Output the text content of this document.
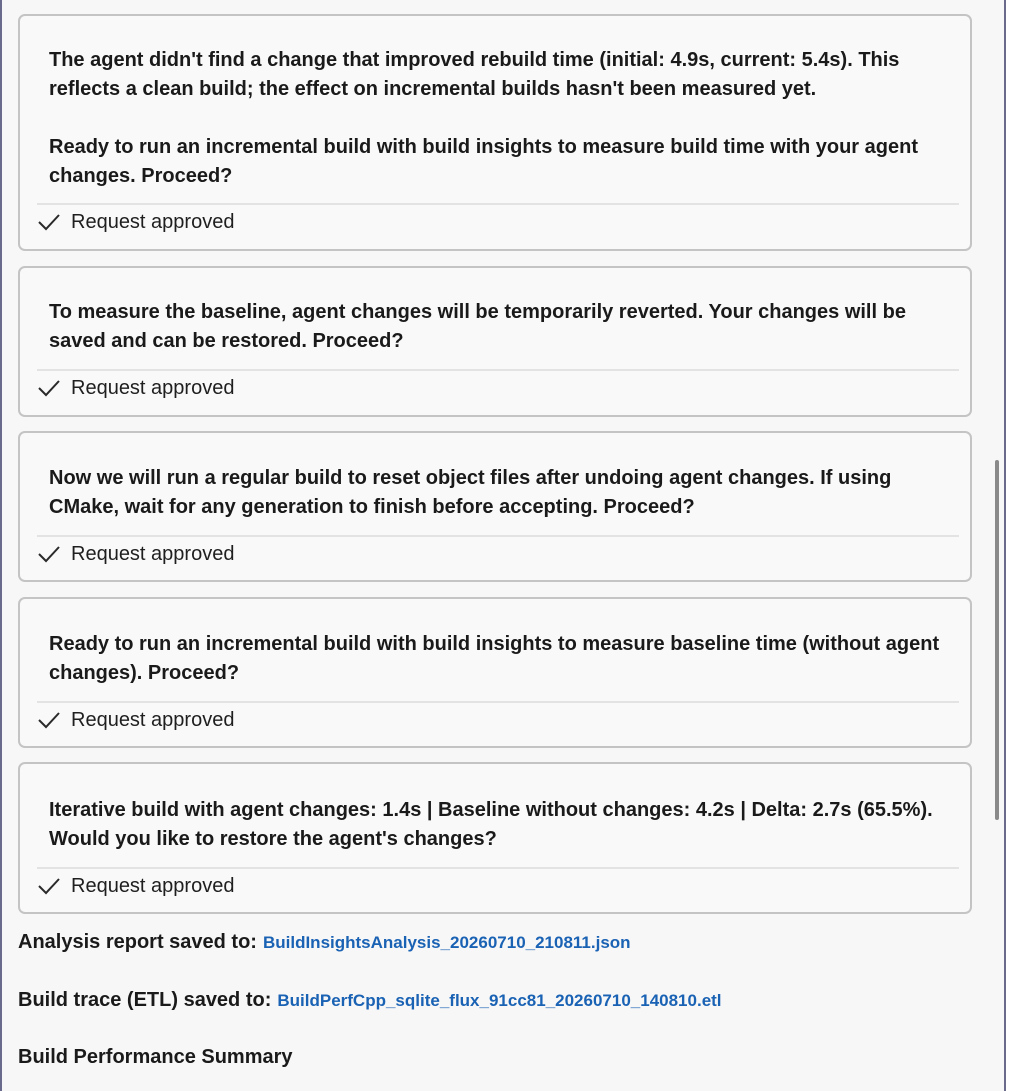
The agent didn't find a change that improved rebuild time (initial: 4.9s, current: 5.4s). This reflects a clean build; the effect on incremental builds hasn't been measured yet.

Ready to run an incremental build with build insights to measure build time with your agent changes. Proceed?

Request approved

To measure the baseline, agent changes will be temporarily reverted. Your changes will be saved and can be restored. Proceed?

Request approved

Now we will run a regular build to reset object files after undoing agent changes. If using CMake, wait for any generation to finish before accepting. Proceed?

Request approved

Ready to run an incremental build with build insights to measure baseline time (without agent changes). Proceed?

Request approved

Iterative build with agent changes: 1.4s | Baseline without changes: 4.2s | Delta: 2.7s (65.5%). Would you like to restore the agent's changes?

Request approved
Analysis report saved to: BuildInsightsAnalysis_20260710_210811.json
Build trace (ETL) saved to: BuildPerfCpp_sqlite_flux_91cc81_20260710_140810.etl
Build Performance Summary
